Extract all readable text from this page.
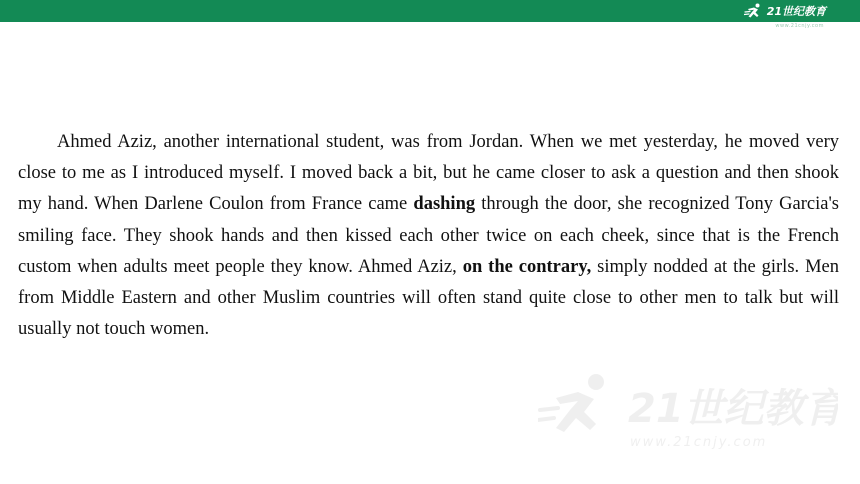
21世纪教育
www.21cnjy.com

Ahmed Aziz, another international student, was from Jordan. When we met yesterday, he moved very close to me as I introduced myself. I moved back a bit, but he came closer to ask a question and then shook my hand. When Darlene Coulon from France came dashing through the door, she recognized Tony Garcia's smiling face. They shook hands and then kissed each other twice on each cheek, since that is the French custom when adults meet people they know. Ahmed Aziz, on the contrary, simply nodded at the girls. Men from Middle Eastern and other Muslim countries will often stand quite close to other men to talk but will usually not touch women.

21世纪教育
www.21cnjy.com
